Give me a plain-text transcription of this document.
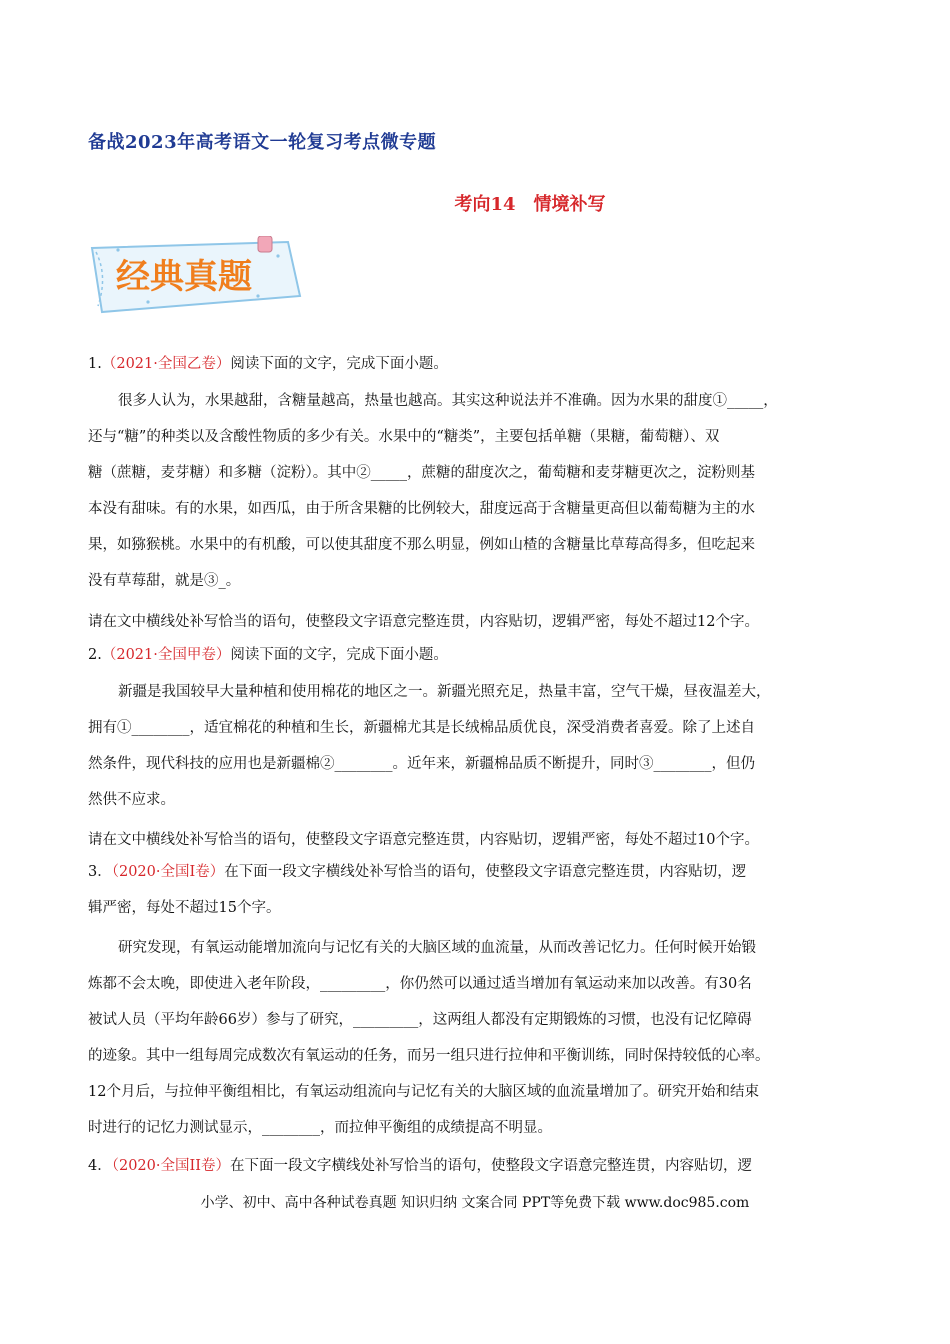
备战2023年高考语文一轮复习考点微专题
考向14　情境补写
经典真题
1.（2021·全国乙卷）阅读下面的文字，完成下面小题。

很多人认为，水果越甜，含糖量越高，热量也越高。其实这种说法并不准确。因为水果的甜度①_____，

还与“糖”的种类以及含酸性物质的多少有关。水果中的“糖类”，主要包括单糖（果糖，葡萄糖）、双

糖（蔗糖，麦芽糖）和多糖（淀粉）。其中②_____，蔗糖的甜度次之，葡萄糖和麦芽糖更次之，淀粉则基

本没有甜味。有的水果，如西瓜，由于所含果糖的比例较大，甜度远高于含糖量更高但以葡萄糖为主的水

果，如猕猴桃。水果中的有机酸，可以使其甜度不那么明显，例如山楂的含糖量比草莓高得多，但吃起来

没有草莓甜，就是③_。

请在文中横线处补写恰当的语句，使整段文字语意完整连贯，内容贴切，逻辑严密，每处不超过12个字。
2.（2021·全国甲卷）阅读下面的文字，完成下面小题。

新疆是我国较早大量种植和使用棉花的地区之一。新疆光照充足，热量丰富，空气干燥，昼夜温差大，

拥有①________，适宜棉花的种植和生长，新疆棉尤其是长绒棉品质优良，深受消费者喜爱。除了上述自

然条件，现代科技的应用也是新疆棉②________。近年来，新疆棉品质不断提升，同时③________，但仍

然供不应求。

请在文中横线处补写恰当的语句，使整段文字语意完整连贯，内容贴切，逻辑严密，每处不超过10个字。
3．（2020·全国I卷）在下面一段文字横线处补写恰当的语句，使整段文字语意完整连贯，内容贴切，逻
辑严密，每处不超过15个字。

研究发现，有氧运动能增加流向与记忆有关的大脑区域的血流量，从而改善记忆力。任何时候开始锻

炼都不会太晚，即使进入老年阶段，_________，你仍然可以通过适当增加有氧运动来加以改善。有30名

被试人员（平均年龄66岁）参与了研究，_________，这两组人都没有定期锻炼的习惯，也没有记忆障碍

的迹象。其中一组每周完成数次有氧运动的任务，而另一组只进行拉伸和平衡训练，同时保持较低的心率。

12个月后，与拉伸平衡组相比，有氧运动组流向与记忆有关的大脑区域的血流量增加了。研究开始和结束

时进行的记忆力测试显示，________，而拉伸平衡组的成绩提高不明显。

4．（2020·全国II卷）在下面一段文字横线处补写恰当的语句，使整段文字语意完整连贯，内容贴切，逻
小学、初中、高中各种试卷真题 知识归纳 文案合同 PPT等免费下载 www.doc985.com
